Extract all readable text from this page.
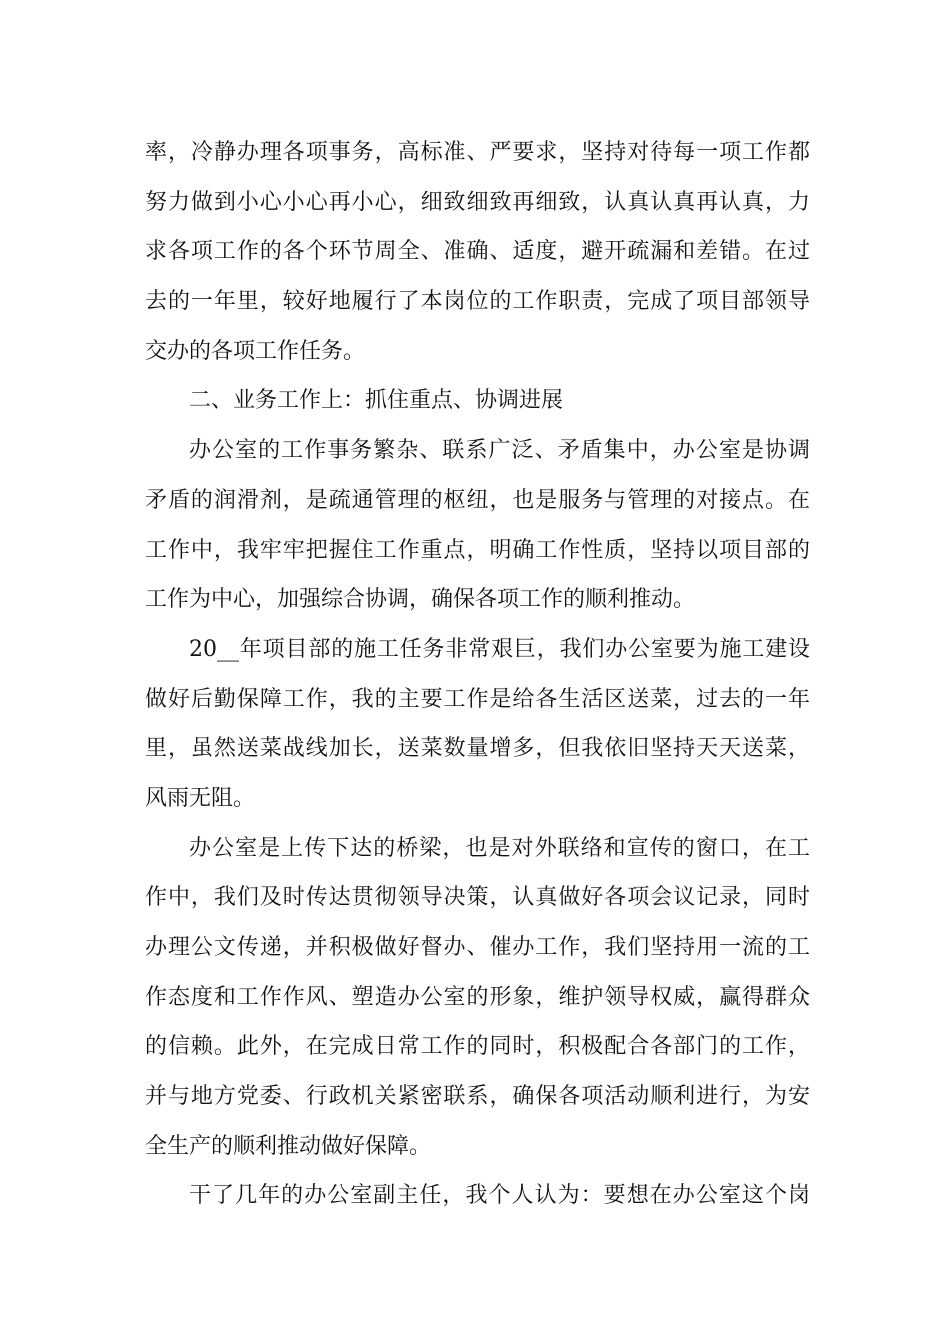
率，冷静办理各项事务，高标准、严要求，坚持对待每一项工作都
努力做到小心小心再小心，细致细致再细致，认真认真再认真，力
求各项工作的各个环节周全、准确、适度，避开疏漏和差错。在过
去的一年里，较好地履行了本岗位的工作职责，完成了项目部领导
交办的各项工作任务。
二、业务工作上：抓住重点、协调进展
办公室的工作事务繁杂、联系广泛、矛盾集中，办公室是协调
矛盾的润滑剂，是疏通管理的枢纽，也是服务与管理的对接点。在
工作中，我牢牢把握住工作重点，明确工作性质，坚持以项目部的
工作为中心，加强综合协调，确保各项工作的顺利推动。
20__年项目部的施工任务非常艰巨，我们办公室要为施工建设
做好后勤保障工作，我的主要工作是给各生活区送菜，过去的一年
里，虽然送菜战线加长，送菜数量增多，但我依旧坚持天天送菜，
风雨无阻。
办公室是上传下达的桥梁，也是对外联络和宣传的窗口，在工
作中，我们及时传达贯彻领导决策，认真做好各项会议记录，同时
办理公文传递，并积极做好督办、催办工作，我们坚持用一流的工
作态度和工作作风、塑造办公室的形象，维护领导权威，赢得群众
的信赖。此外，在完成日常工作的同时，积极配合各部门的工作，
并与地方党委、行政机关紧密联系，确保各项活动顺利进行，为安
全生产的顺利推动做好保障。
干了几年的办公室副主任，我个人认为：要想在办公室这个岗
